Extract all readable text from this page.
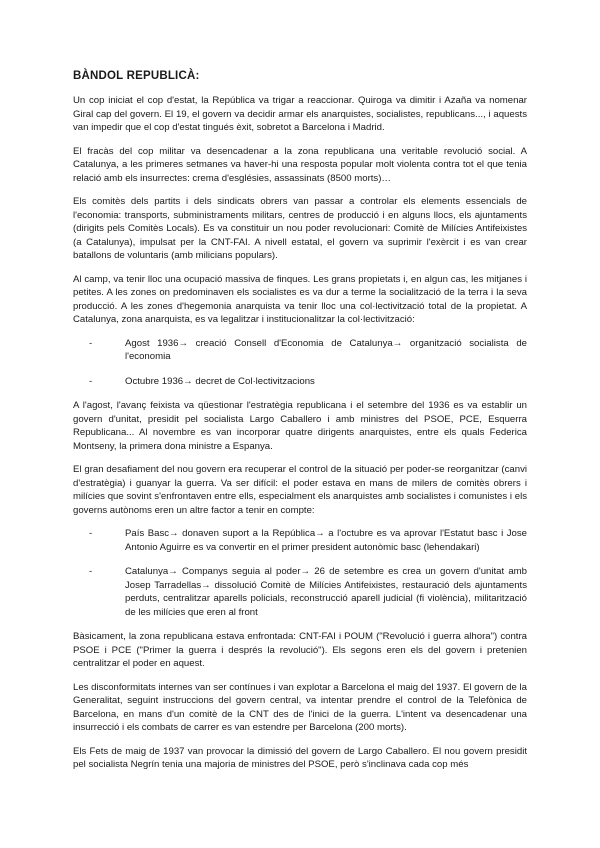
BÀNDOL REPUBLICÀ:

Un cop iniciat el cop d'estat, la República va trigar a reaccionar. Quiroga va dimitir i Azaña va nomenar Giral cap del govern. El 19, el govern va decidir armar els anarquistes, socialistes, republicans..., i aquests van impedir que el cop d'estat tingués èxit, sobretot a Barcelona i Madrid.

El fracàs del cop militar va desencadenar a la zona republicana una veritable revolució social. A Catalunya, a les primeres setmanes va haver-hi una resposta popular molt violenta contra tot el que tenia relació amb els insurrectes: crema d'esglésies, assassinats (8500 morts)…

Els comitès dels partits i dels sindicats obrers van passar a controlar els elements essencials de l'economia: transports, subministraments militars, centres de producció i en alguns llocs, els ajuntaments (dirigits pels Comitès Locals). Es va constituir un nou poder revolucionari: Comitè de Milícies Antifeixistes (a Catalunya), impulsat per la CNT-FAI. A nivell estatal, el govern va suprimir l'exèrcit i es van crear batallons de voluntaris (amb milicians populars).

Al camp, va tenir lloc una ocupació massiva de finques. Les grans propietats i, en algun cas, les mitjanes i petites. A les zones on predominaven els socialistes es va dur a terme la socialització de la terra i la seva producció. A les zones d'hegemonia anarquista va tenir lloc una col·lectivització total de la propietat. A Catalunya, zona anarquista, es va legalitzar i institucionalitzar la col·lectivització:

-	Agost 1936→ creació Consell d'Economia de Catalunya→ organització socialista de l'economia
-	Octubre 1936→ decret de Col·lectivitzacions

A l'agost, l'avanç feixista va qüestionar l'estratègia republicana i el setembre del 1936 es va establir un govern d'unitat, presidit pel socialista Largo Caballero i amb ministres del PSOE, PCE, Esquerra Republicana... Al novembre es van incorporar quatre dirigents anarquistes, entre els quals Federica Montseny, la primera dona ministre a Espanya.

El gran desafiament del nou govern era recuperar el control de la situació per poder-se reorganitzar (canvi d'estratègia) i guanyar la guerra. Va ser difícil: el poder estava en mans de milers de comitès obrers i milícies que sovint s'enfrontaven entre ells, especialment els anarquistes amb socialistes i comunistes i els governs autònoms eren un altre factor a tenir en compte:

-	País Basc→ donaven suport a la República→ a l'octubre es va aprovar l'Estatut basc i Jose Antonio Aguirre es va convertir en el primer president autonòmic basc (lehendakari)
-	Catalunya→ Companys seguia al poder→ 26 de setembre es crea un govern d'unitat amb Josep Tarradellas→ dissolució Comitè de Milícies Antifeixistes, restauració dels ajuntaments perduts, centralitzar aparells policials, reconstrucció aparell judicial (fi violència), militarització de les milícies que eren al front

Bàsicament, la zona republicana estava enfrontada: CNT-FAI i POUM ("Revolució i guerra alhora") contra PSOE i PCE ("Primer la guerra i després la revolució"). Els segons eren els del govern i pretenien centralitzar el poder en aquest.

Les disconformitats internes van ser contínues i van explotar a Barcelona el maig del 1937. El govern de la Generalitat, seguint instruccions del govern central, va intentar prendre el control de la Telefònica de Barcelona, en mans d'un comitè de la CNT des de l'inici de la guerra. L'intent va desencadenar una insurrecció i els combats de carrer es van estendre per Barcelona (200 morts).

Els Fets de maig de 1937 van provocar la dimissió del govern de Largo Caballero. El nou govern presidit pel socialista Negrín tenia una majoria de ministres del PSOE, però s'inclinava cada cop més
